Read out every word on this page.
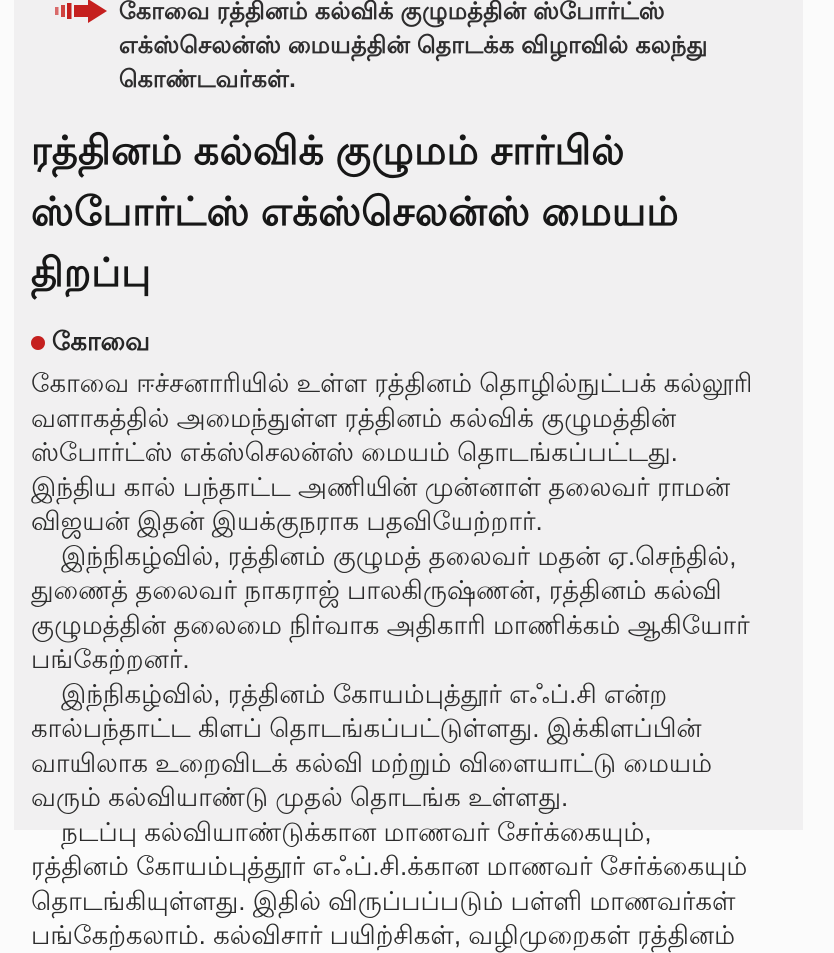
கோவை ரத்தினம் கல்விக் குழுமத்தின் ஸ்போர்ட்ஸ் எக்ஸ்செலன்ஸ் மையத்தின் தொடக்க விழாவில் கலந்து கொண்டவர்கள்.

ரத்தினம் கல்விக் குழுமம் சார்பில்
ஸ்போர்ட்ஸ் எக்ஸ்செலன்ஸ் மையம் திறப்பு
கோவை

கோவை ஈச்சனாரியில் உள்ள ரத்தினம் தொழில்நுட்பக் கல்லூரி வளாகத்தில் அமைந்துள்ள ரத்தினம் கல்விக் குழுமத்தின் ஸ்போர்ட்ஸ் எக்ஸ்செலன்ஸ் மையம் தொடங்கப்பட்டது. இந்திய கால் பந்தாட்ட அணியின் முன்னாள் தலைவர் ராமன் விஜயன் இதன் இயக்குநராக பதவியேற்றார்.

இந்நிகழ்வில், ரத்தினம் குழுமத் தலைவர் மதன் ஏ.செந்தில், துணைத் தலைவர் நாகராஜ் பாலகிருஷ்ணன், ரத்தினம் கல்வி குழுமத்தின் தலைமை நிர்வாக அதிகாரி மாணிக்கம் ஆகியோர் பங்கேற்றனர்.

இந்நிகழ்வில், ரத்தினம் கோயம்புத்தூர் எஃப்.சி என்ற கால்பந்தாட்ட கிளப் தொடங்கப்பட்டுள்ளது. இக்கிளப்பின் வாயிலாக உறைவிடக் கல்வி மற்றும் விளையாட்டு மையம் வரும் கல்வியாண்டு முதல் தொடங்க உள்ளது.

நடப்பு கல்வியாண்டுக்கான மாணவர் சேர்க்கையும், ரத்தினம் கோயம்புத்தூர் எஃப்.சி.க்கான மாணவர் சேர்க்கையும் தொடங்கியுள்ளது. இதில் விருப்பப்படும் பள்ளி மாணவர்கள் பங்கேற்கலாம். கல்விசார் பயிற்சிகள், வழிமுறைகள் ரத்தினம்
